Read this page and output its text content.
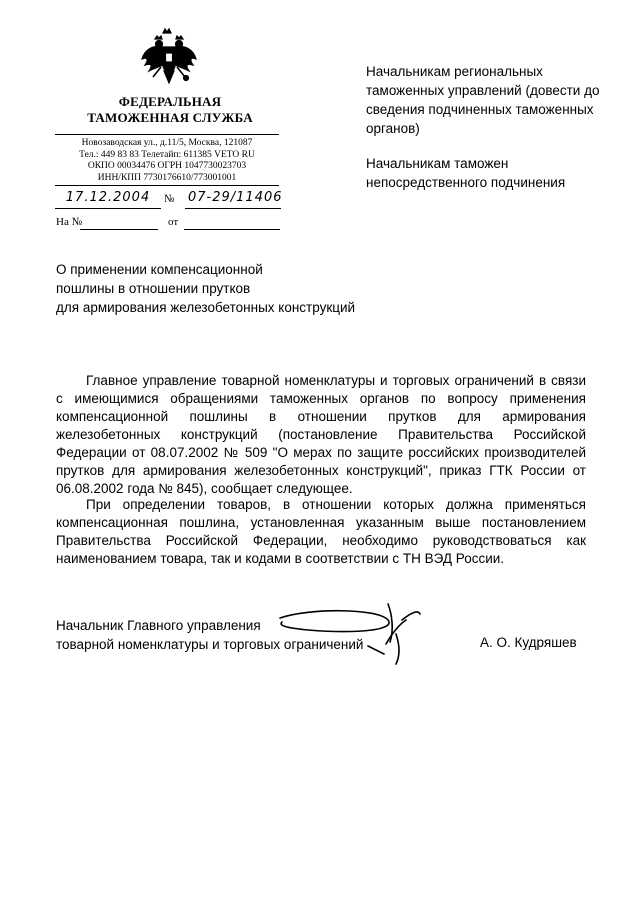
ФЕДЕРАЛЬНАЯ
ТАМОЖЕННАЯ СЛУЖБА
Новозаводская ул., д.11/5, Москва, 121087
Тел.: 449 83 83 Телетайп: 611385 VETO RU
ОКПО 00034476 ОГРН 1047730023703
ИНН/КПП 7730176610/773001001
17.12.2004	№ 07-29/11406
На №	от
Начальникам региональных таможенных управлений (довести до сведения подчиненных таможенных органов)
Начальникам таможен непосредственного подчинения
О применении компенсационной
пошлины в отношении прутков
для армирования железобетонных конструкций

Главное управление товарной номенклатуры и торговых ограничений в связи с имеющимися обращениями таможенных органов по вопросу применения компенсационной пошлины в отношении прутков для армирования железобетонных конструкций (постановление Правительства Российской Федерации от 08.07.2002 № 509 "О мерах по защите российских производителей прутков для армирования железобетонных конструкций", приказ ГТК России от 06.08.2002 года № 845), сообщает следующее.

При определении товаров, в отношении которых должна применяться компенсационная пошлина, установленная указанным выше постановлением Правительства Российской Федерации, необходимо руководствоваться как наименованием товара, так и кодами в соответствии с ТН ВЭД России.

Начальник Главного управления
товарной номенклатуры и торговых ограничений	А. О. Кудряшев
